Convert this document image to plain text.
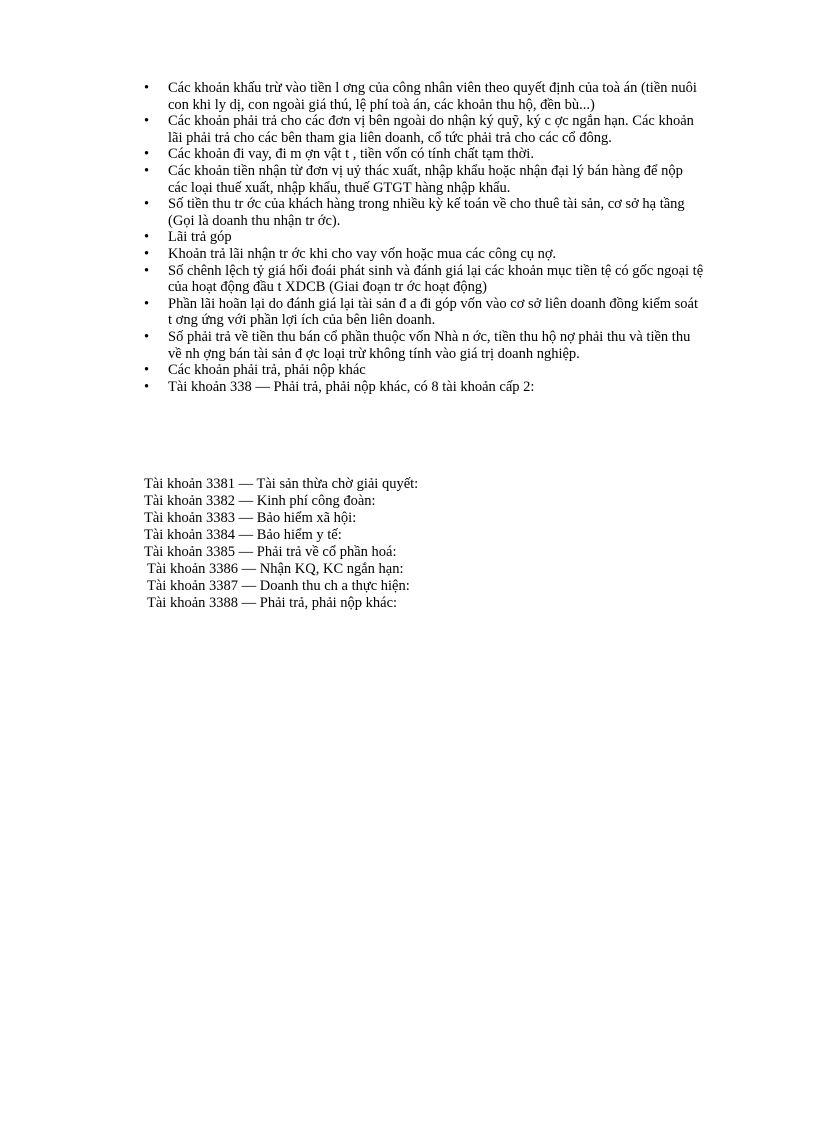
•	Các khoản khấu trừ vào tiền l ơng của công nhân viên theo quyết định của toà án (tiền nuôi con khi ly dị, con ngoài giá thú, lệ phí toà án, các khoản thu hộ, đền bù...)
•	Các khoản phải trả cho các đơn vị bên ngoài do nhận ký quỹ, ký c ợc ngắn hạn. Các khoản lãi phải trả cho các bên tham gia liên doanh, cổ tức phải trả cho các cổ đông.
•	Các khoản đi vay, đi m ợn vật t , tiền vốn có tính chất tạm thời.
•	Các khoản tiền nhận từ đơn vị uỷ thác xuất, nhập khẩu hoặc nhận đại lý bán hàng để nộp các loại thuế xuất, nhập khẩu, thuế GTGT hàng nhập khẩu.
•	Số tiền thu tr ớc của khách hàng trong nhiều kỳ kế toán về cho thuê tài sản, cơ sở hạ tầng (Gọi là doanh thu nhận tr ớc).
•	Lãi trả góp
•	Khoản trả lãi nhận tr ớc khi cho vay vốn hoặc mua các công cụ nợ.
•	Số chênh lệch tỷ giá hối đoái phát sinh và đánh giá lại các khoản mục tiền tệ có gốc ngoại tệ của hoạt động đầu t XDCB (Giai đoạn tr ớc hoạt động)
•	Phần lãi hoãn lại do đánh giá lại tài sản đ a đi góp vốn vào cơ sở liên doanh đồng kiểm soát t ơng ứng với phần lợi ích của bên liên doanh.
•	Số phải trả về tiền thu bán cổ phần thuộc vốn Nhà n ớc, tiền thu hộ nợ phải thu và tiền thu về nh ợng bán tài sản đ ợc loại trừ không tính vào giá trị doanh nghiệp.
•	Các khoản phải trả, phải nộp khác
•	Tài khoản 338 — Phải trả, phải nộp khác, có 8 tài khoản cấp 2:
Tài khoản 3381 — Tài sản thừa chờ giải quyết:
Tài khoản 3382 — Kinh phí công đoàn:
Tài khoản 3383 — Bảo hiểm xã hội:
Tài khoản 3384 — Bảo hiểm y tế:
Tài khoản 3385 — Phải trả về cổ phần hoá:
Tài khoản 3386 — Nhận KQ, KC ngắn hạn:
Tài khoản 3387 — Doanh thu ch a thực hiện:
Tài khoản 3388 — Phải trả, phải nộp khác:
